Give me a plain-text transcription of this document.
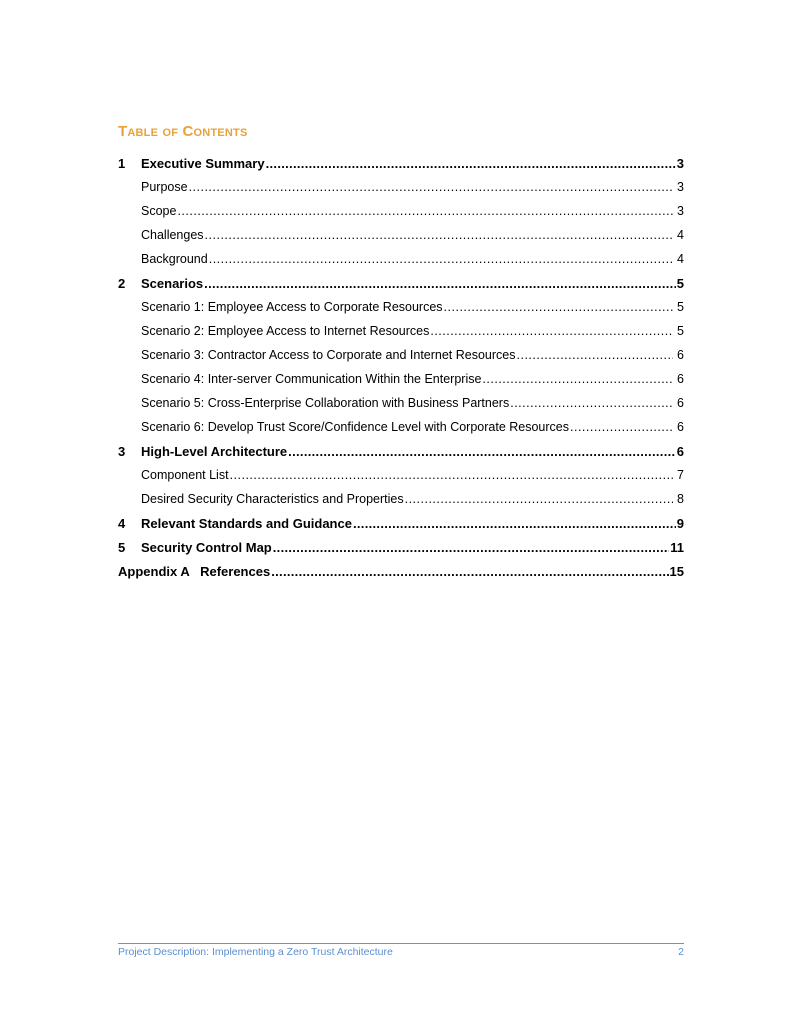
Table of Contents
1	Executive Summary .....	3
Purpose .....	3
Scope .....	3
Challenges .....	4
Background .....	4
2	Scenarios .....	5
Scenario 1: Employee Access to Corporate Resources .....	5
Scenario 2: Employee Access to Internet Resources .....	5
Scenario 3: Contractor Access to Corporate and Internet Resources .....	6
Scenario 4: Inter-server Communication Within the Enterprise .....	6
Scenario 5: Cross-Enterprise Collaboration with Business Partners .....	6
Scenario 6: Develop Trust Score/Confidence Level with Corporate Resources .....	6
3	High-Level Architecture .....	6
Component List .....	7
Desired Security Characteristics and Properties .....	8
4	Relevant Standards and Guidance .....	9
5	Security Control Map .....	11
Appendix A   References .....	15
Project Description: Implementing a Zero Trust Architecture	2
